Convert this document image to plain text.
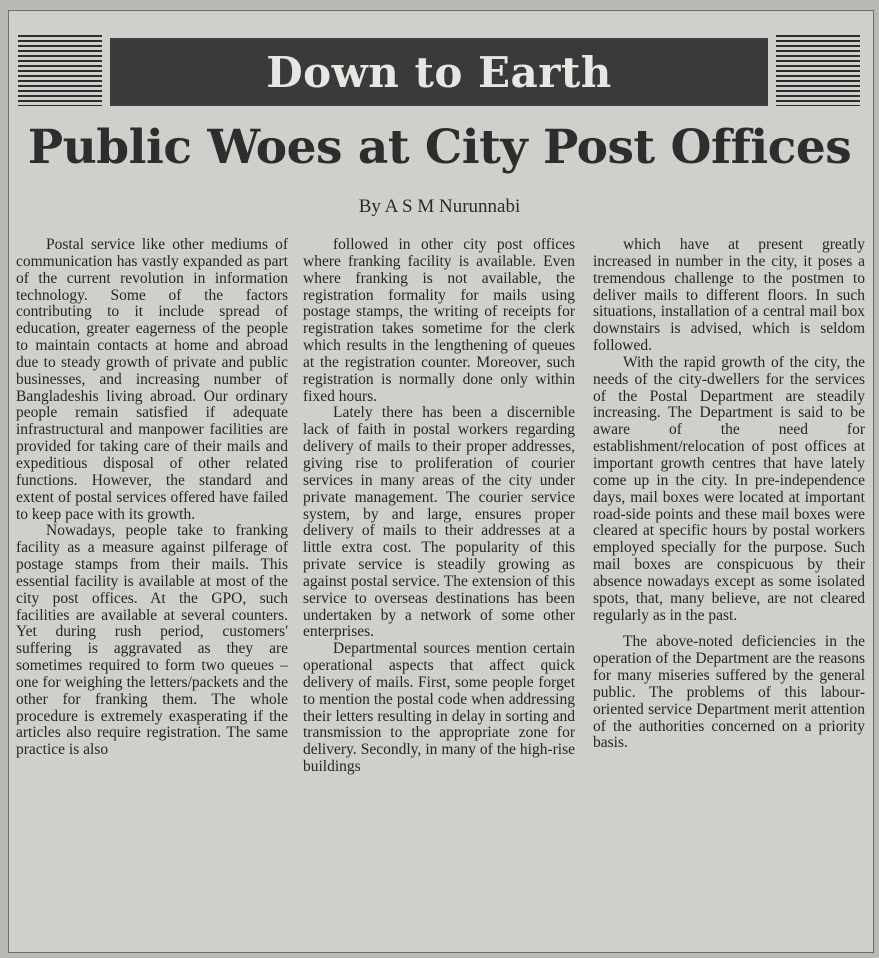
Down to Earth
Public Woes at City Post Offices
By A S M Nurunnabi

Postal service like other mediums of communication has vastly expanded as part of the current revolution in information technology. Some of the factors contributing to it include spread of education, greater eagerness of the people to maintain contacts at home and abroad due to steady growth of private and public businesses, and increasing number of Bangladeshis living abroad. Our ordinary people remain satisfied if adequate infrastructural and manpower facilities are provided for taking care of their mails and expeditious disposal of other related functions. However, the standard and extent of postal services offered have failed to keep pace with its growth.

Nowadays, people take to franking facility as a measure against pilferage of postage stamps from their mails. This essential facility is available at most of the city post offices. At the GPO, such facilities are available at several counters. Yet during rush period, customers' suffering is aggravated as they are sometimes required to form two queues – one for weighing the letters/packets and the other for franking them. The whole procedure is extremely exasperating if the articles also require registration. The same practice is also

followed in other city post offices where franking facility is available. Even where franking is not available, the registration formality for mails using postage stamps, the writing of receipts for registration takes sometime for the clerk which results in the lengthening of queues at the registration counter. Moreover, such registration is normally done only within fixed hours.

Lately there has been a discernible lack of faith in postal workers regarding delivery of mails to their proper addresses, giving rise to proliferation of courier services in many areas of the city under private management. The courier service system, by and large, ensures proper delivery of mails to their addresses at a little extra cost. The popularity of this private service is steadily growing as against postal service. The extension of this service to overseas destinations has been undertaken by a network of some other enterprises.

Departmental sources mention certain operational aspects that affect quick delivery of mails. First, some people forget to mention the postal code when addressing their letters resulting in delay in sorting and transmission to the appropriate zone for delivery. Secondly, in many of the high-rise buildings

which have at present greatly increased in number in the city, it poses a tremendous challenge to the postmen to deliver mails to different floors. In such situations, installation of a central mail box downstairs is advised, which is seldom followed.

With the rapid growth of the city, the needs of the city-dwellers for the services of the Postal Department are steadily increasing. The Department is said to be aware of the need for establishment/relocation of post offices at important growth centres that have lately come up in the city. In pre-independence days, mail boxes were located at important road-side points and these mail boxes were cleared at specific hours by postal workers employed specially for the purpose. Such mail boxes are conspicuous by their absence nowadays except as some isolated spots, that, many believe, are not cleared regularly as in the past.

The above-noted deficiencies in the operation of the Department are the reasons for many miseries suffered by the general public. The problems of this labour-oriented service Department merit attention of the authorities concerned on a priority basis.
